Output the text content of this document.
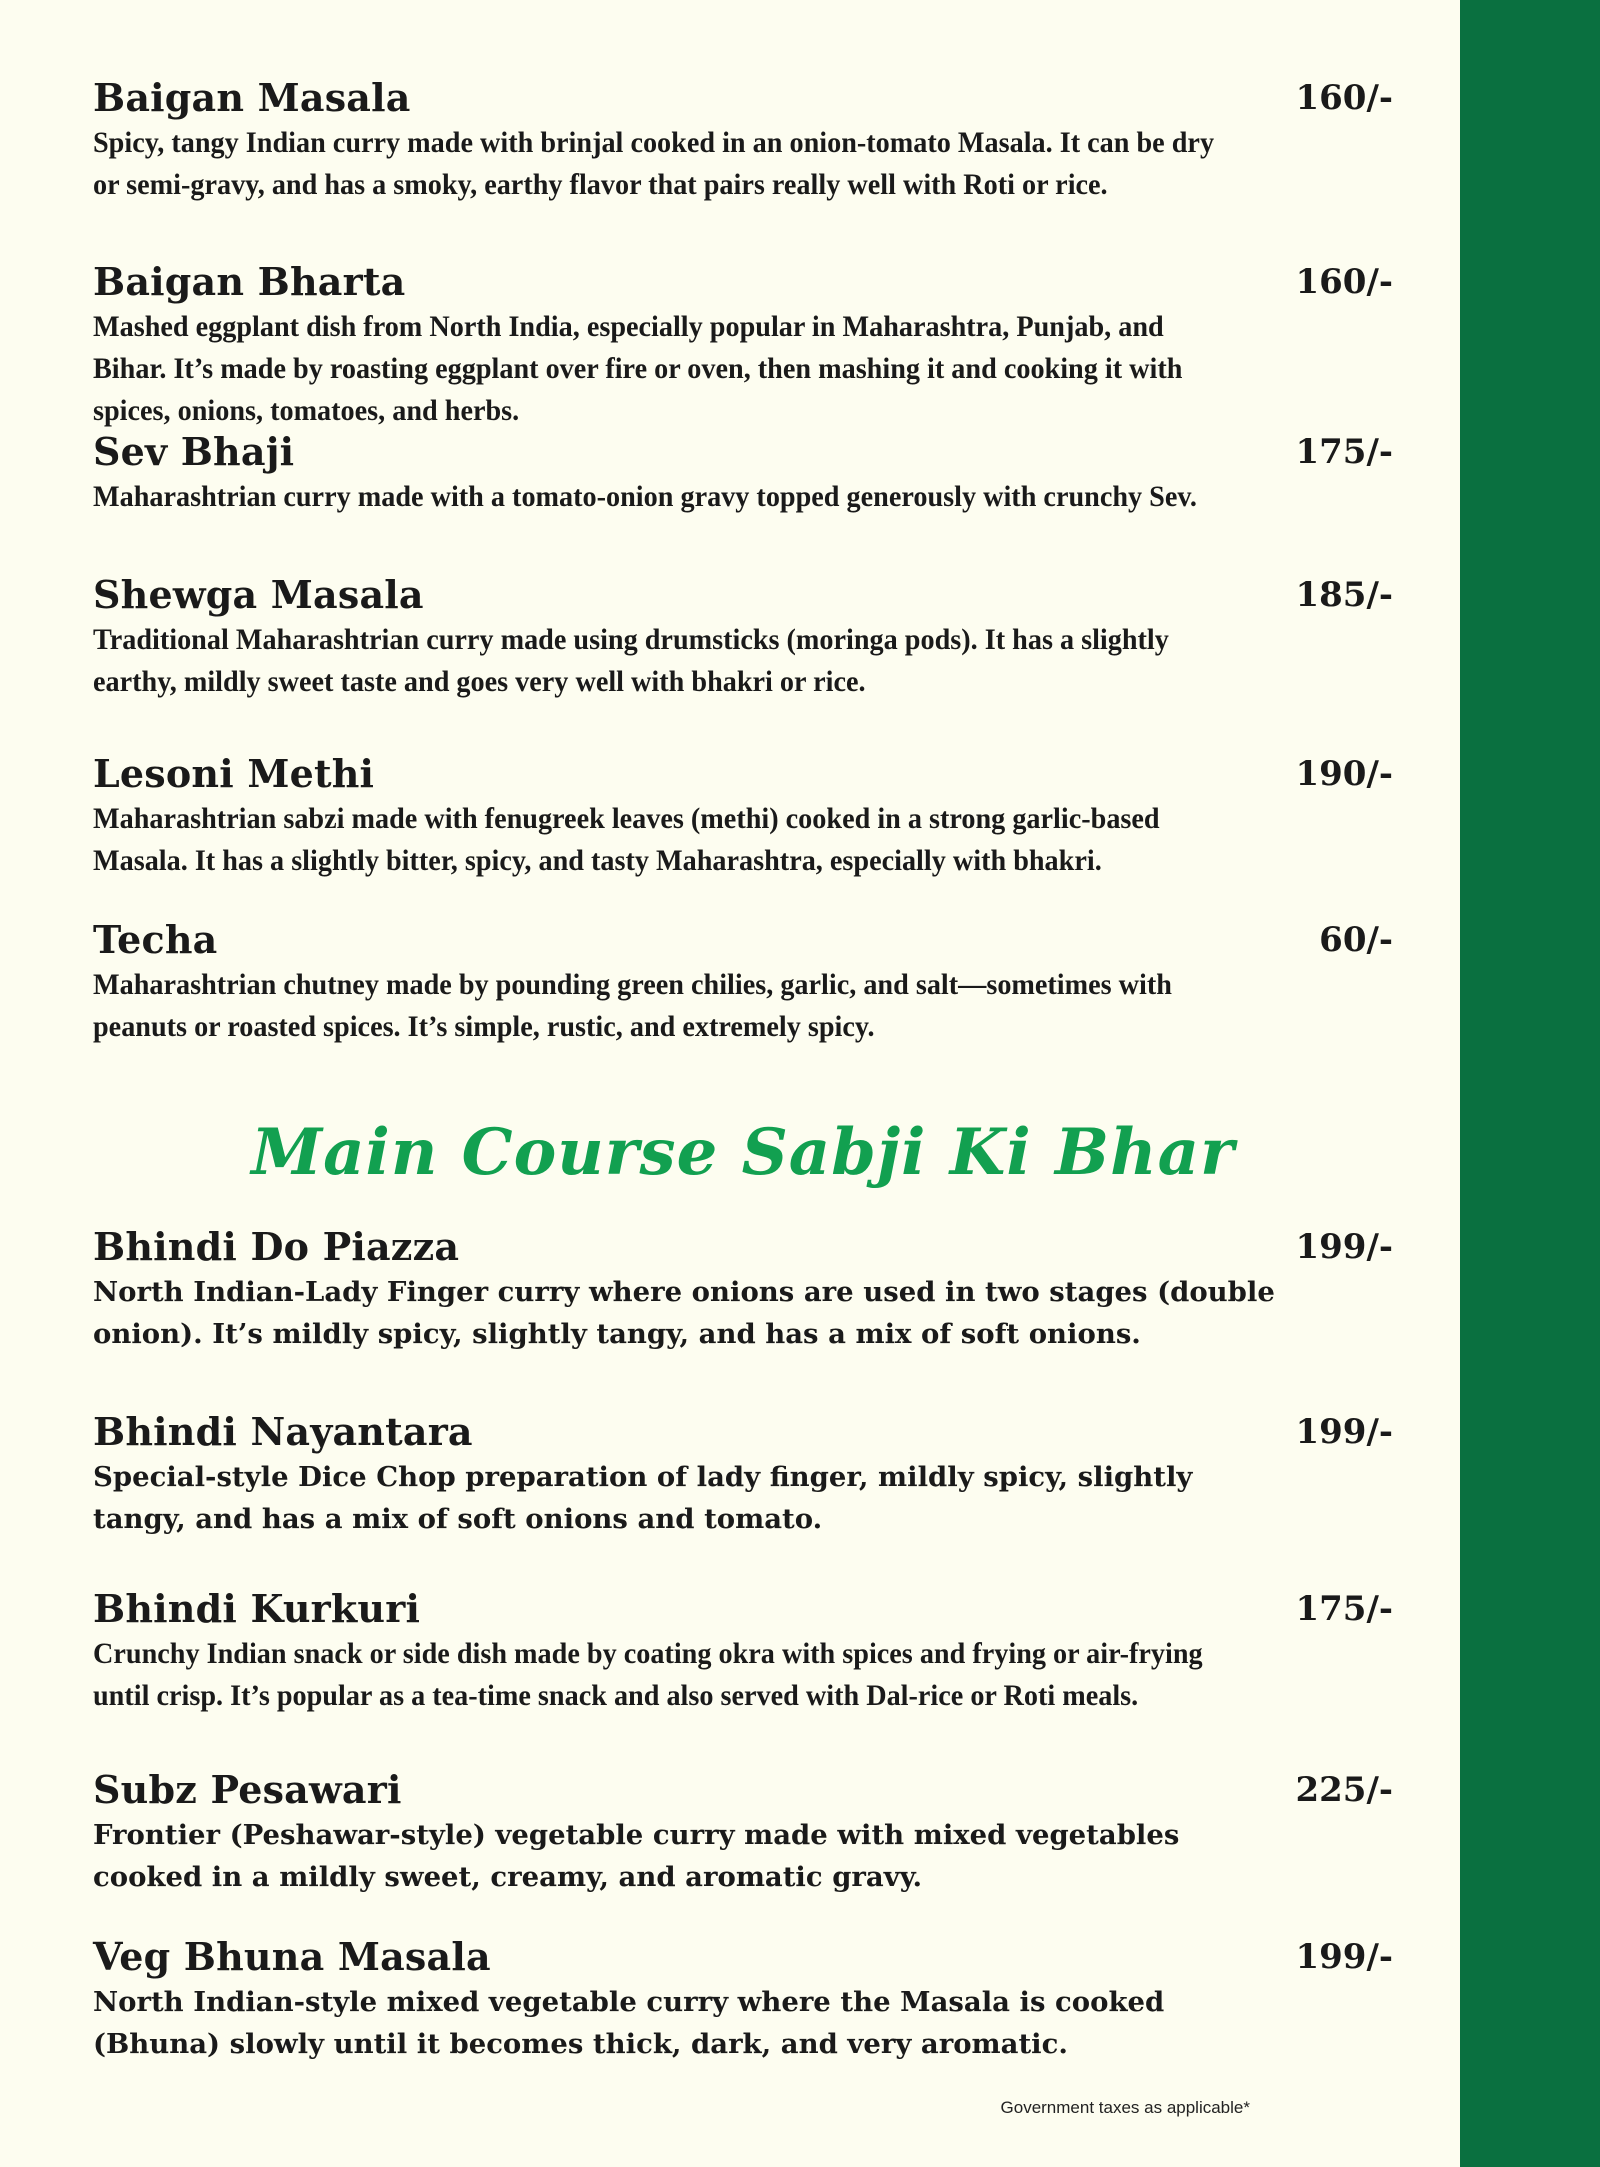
Baigan Masala	160/-
Spicy, tangy Indian curry made with brinjal cooked in an onion-tomato Masala. It can be dry or semi-gravy, and has a smoky, earthy flavor that pairs really well with Roti or rice.
Baigan Bharta	160/-
Mashed eggplant dish from North India, especially popular in Maharashtra, Punjab, and Bihar. It’s made by roasting eggplant over fire or oven, then mashing it and cooking it with spices, onions, tomatoes, and herbs.
Sev Bhaji	175/-
Maharashtrian curry made with a tomato-onion gravy topped generously with crunchy Sev.
Shewga Masala	185/-
Traditional Maharashtrian curry made using drumsticks (moringa pods). It has a slightly earthy, mildly sweet taste and goes very well with bhakri or rice.
Lesoni Methi	190/-
Maharashtrian sabzi made with fenugreek leaves (methi) cooked in a strong garlic-based Masala. It has a slightly bitter, spicy, and tasty Maharashtra, especially with bhakri.
Techa	60/-
Maharashtrian chutney made by pounding green chilies, garlic, and salt—sometimes with peanuts or roasted spices. It’s simple, rustic, and extremely spicy.
Main Course Sabji Ki Bhar
Bhindi Do Piazza	199/-
North Indian-Lady Finger curry where onions are used in two stages (double onion). It’s mildly spicy, slightly tangy, and has a mix of soft onions.
Bhindi Nayantara	199/-
Special-style Dice Chop preparation of lady finger, mildly spicy, slightly tangy, and has a mix of soft onions and tomato.
Bhindi Kurkuri	175/-
Crunchy Indian snack or side dish made by coating okra with spices and frying or air-frying until crisp. It’s popular as a tea-time snack and also served with Dal-rice or Roti meals.
Subz Pesawari	225/-
Frontier (Peshawar-style) vegetable curry made with mixed vegetables cooked in a mildly sweet, creamy, and aromatic gravy.
Veg Bhuna Masala	199/-
North Indian-style mixed vegetable curry where the Masala is cooked (Bhuna) slowly until it becomes thick, dark, and very aromatic.
Government taxes as applicable*
